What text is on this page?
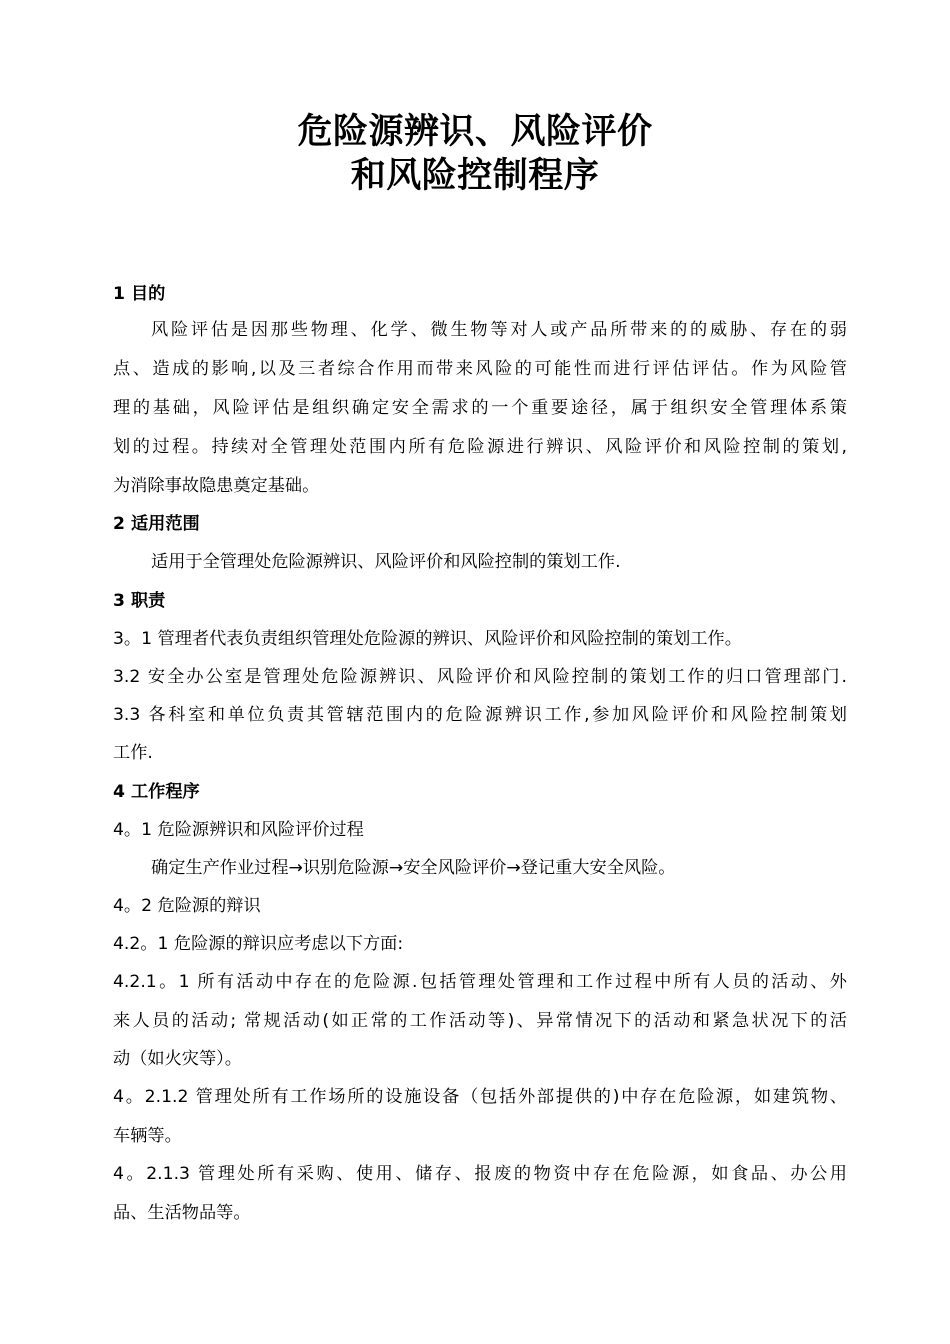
危险源辨识、风险评价
和风险控制程序
1 目的
风险评估是因那些物理、化学、微生物等对人或产品所带来的的威胁、存在的弱
点、造成的影响,以及三者综合作用而带来风险的可能性而进行评估评估。作为风险管
理的基础，风险评估是组织确定安全需求的一个重要途径，属于组织安全管理体系策
划的过程。持续对全管理处范围内所有危险源进行辨识、风险评价和风险控制的策划,
为消除事故隐患奠定基础。
2 适用范围
适用于全管理处危险源辨识、风险评价和风险控制的策划工作.
3 职责
3。1 管理者代表负责组织管理处危险源的辨识、风险评价和风险控制的策划工作。
3.2 安全办公室是管理处危险源辨识、风险评价和风险控制的策划工作的归口管理部门.
3.3 各科室和单位负责其管辖范围内的危险源辨识工作,参加风险评价和风险控制策划
工作.
4 工作程序
4。1 危险源辨识和风险评价过程
确定生产作业过程→识别危险源→安全风险评价→登记重大安全风险。
4。2 危险源的辩识
4.2。1 危险源的辩识应考虑以下方面:
4.2.1。1 所有活动中存在的危险源.包括管理处管理和工作过程中所有人员的活动、外
来人员的活动; 常规活动(如正常的工作活动等)、异常情况下的活动和紧急状况下的活
动（如火灾等）。
4。2.1.2 管理处所有工作场所的设施设备（包括外部提供的)中存在危险源，如建筑物、
车辆等。
4。2.1.3 管理处所有采购、使用、储存、报废的物资中存在危险源，如食品、办公用
品、生活物品等。
